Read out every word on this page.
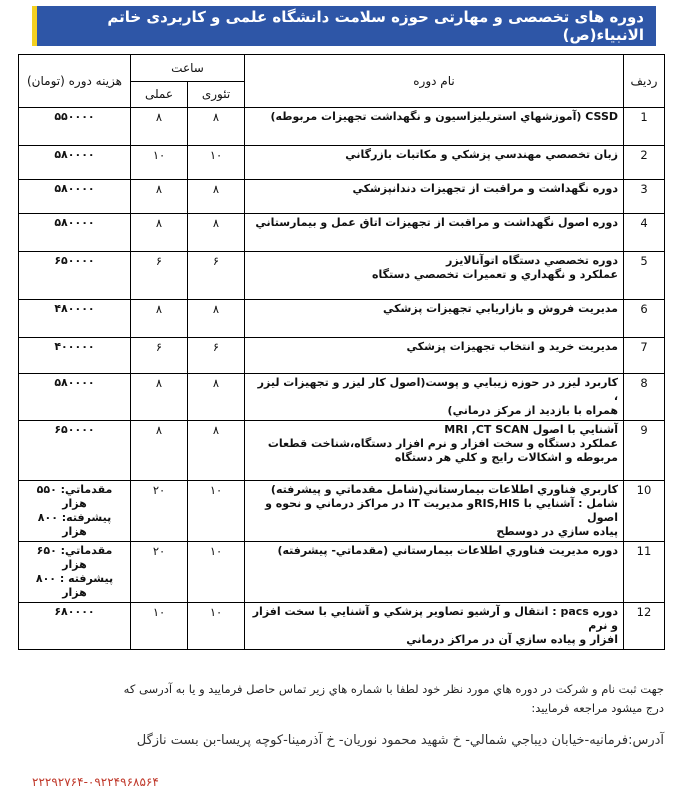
دوره های تخصصی و مهارتی حوزه سلامت دانشگاه علمی و کاربردی خاتم الانبیاء(ص)
رديف	نام دوره	ساعت		هزينه دوره (تومان)
		تئوری	عملی	
1	CSSD (آموزشهاي استريليزاسيون و نگهداشت تجهيزات مربوطه)	۸	۸	۵۵۰۰۰۰

2	زبان تخصصي مهندسي پزشكي و مكاتبات بازرگاني	۱۰	۱۰	۵۸۰۰۰۰

3	دوره نگهداشت و مراقبت از تجهيزات دندانپزشكي	۸	۸	۵۸۰۰۰۰

4	دوره اصول نگهداشت و مراقبت از تجهيزات اتاق عمل و بيمارستاني	۸	۸	۵۸۰۰۰۰

5	دوره تخصصي دستگاه اتوآنالايزر
عملكرد و نگهداري و تعميرات تخصصي دستگاه	۶	۶	۶۵۰۰۰۰

6	مديريت فروش و بازاريابي تجهيزات پزشكي	۸	۸	۴۸۰۰۰۰

7	مديريت خريد و انتخاب تجهيزات پزشكي	۶	۶	۴۰۰۰۰۰

8	كاربرد ليزر در حوزه زيبايي و پوست(اصول كار ليزر و تجهيزات ليزر ،
همراه با بازديد از مركز درماني)	۸	۸	۵۸۰۰۰۰

9	آشنايي با اصول MRI ,CT SCAN
عملكرد دستگاه و سخت افزار و نرم افزار دستگاه،شناخت قطعات
مربوطه و اشكالات رايج و كلي هر دستگاه	۸	۸	۶۵۰۰۰۰

10	كاربري فناوري اطلاعات بيمارستاني(شامل مقدماتي و پيشرفته)
شامل : آشنايي با RIS,HISو مديريت IT در مراكز درماني و نحوه و اصول
پياده سازي در دوسطح	۱۰	۲۰	مقدماتي: ۵۵۰ هزار
پيشرفته: ۸۰۰ هزار

11	دوره مديريت فناوري اطلاعات بيمارستاني (مقدماتي- پيشرفته)	۱۰	۲۰	مقدماتي: ۶۵۰ هزار
پيشرفته : ۸۰۰ هزار

12	دوره pacs : انتقال و آرشيو تصاوير پزشكي و آشنايي با سخت افزار و نرم
افزار و پياده سازي آن در مراكز درماني	۱۰	۱۰	۶۸۰۰۰۰
جهت ثبت نام و شركت در دوره هاي مورد نظر خود لطفا با شماره هاي زير تماس حاصل فرماييد و يا به آدرسی كه
درج ميشود مراجعه فرماييد:
آدرس:فرمانيه-خيابان ديباجي شمالي- خ شهيد محمود نوريان- خ آذرمينا-كوچه پريسا-بن بست نازگل
۲۲۲۹۲۷۶۴-۰۹۲۲۴۹۶۸۵۶۴
